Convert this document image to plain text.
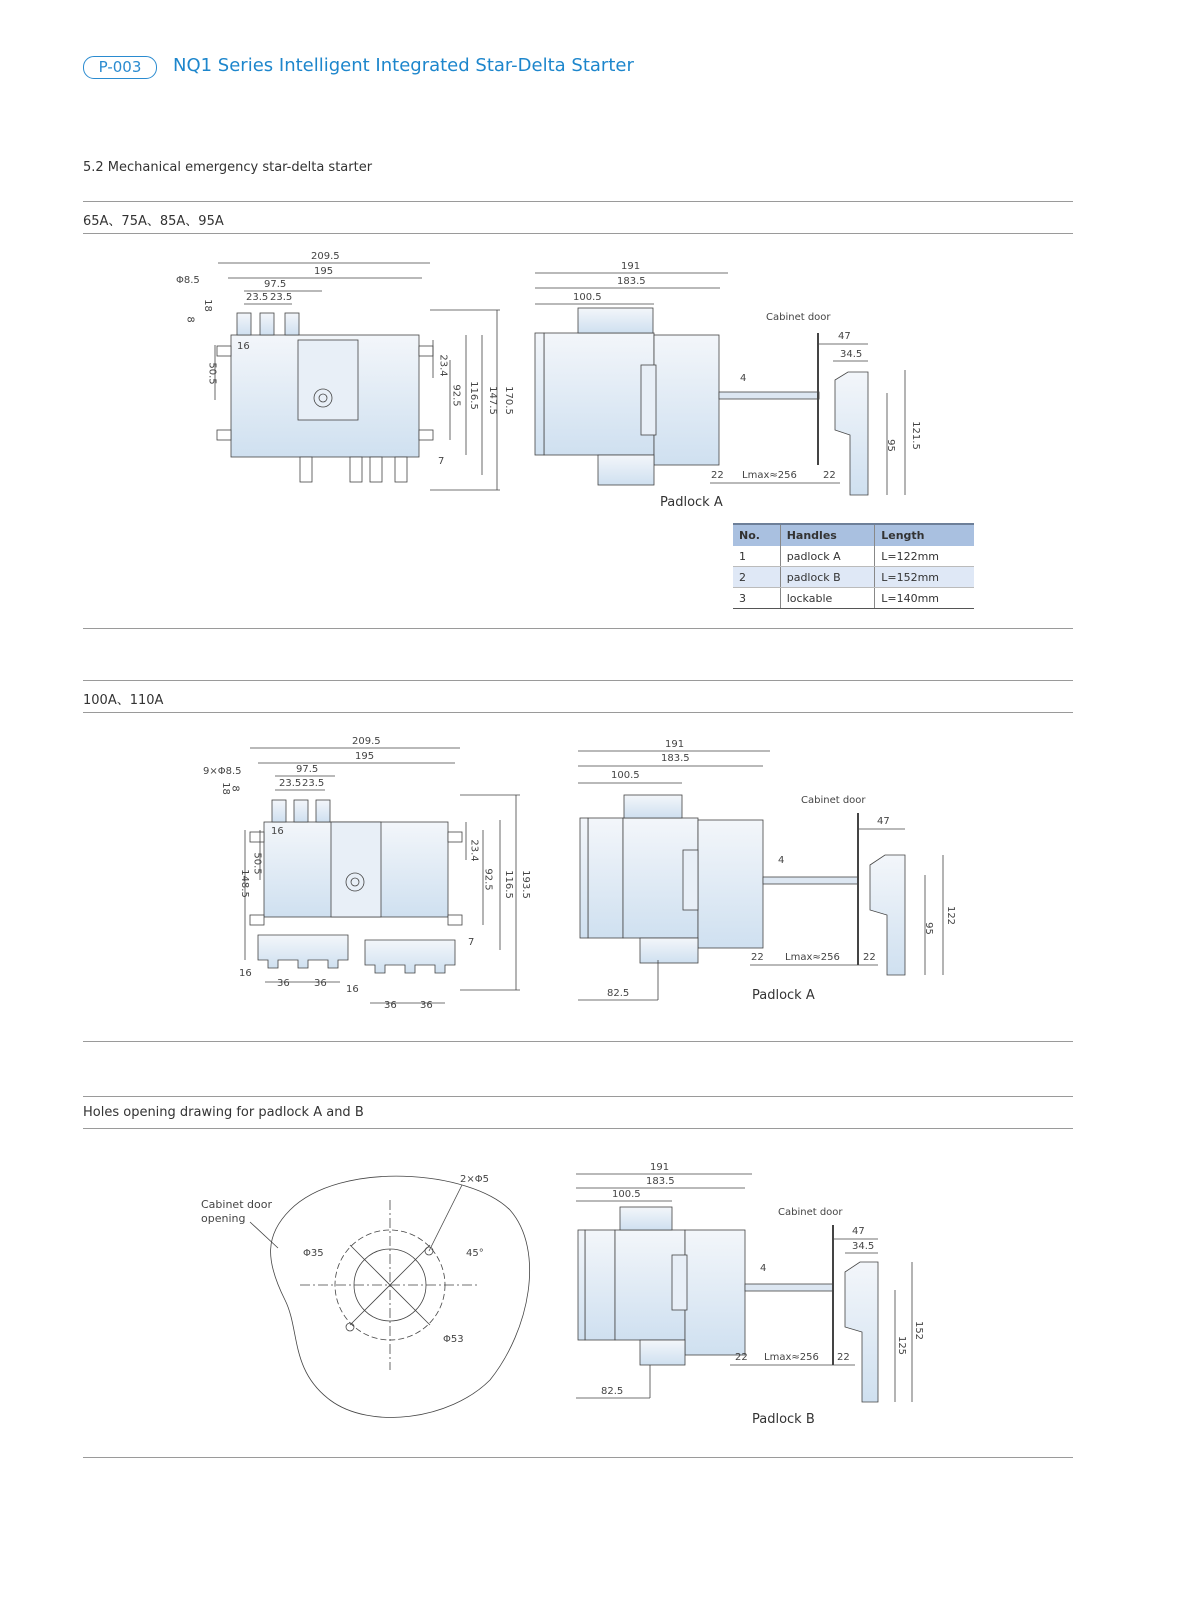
P-003	NQ1 Series Intelligent Integrated Star-Delta Starter
5.2 Mechanical emergency star-delta starter
65A、75A、85A、95A
100A、110A
Holes opening drawing for padlock A and B
209.5
195
Φ8.5	97.5
23.5 23.5
8
18
16
50.5	23.4
92.5 116.5 147.5 170.5
7
191
183.5
100.5
Cabinet door
47
34.5
4
22 Lmax≈256	22
95 121.5
209.5
195
9×Φ8.5	97.5
23.5 23.5
18
8
16
50.5
148.5
23.4
92.5 116.5 193.5
7
16
36 36
16
36 36
191
183.5
100.5
Cabinet door
47
4
22 Lmax≈256 22
95
122
82.5
Cabinet door
opening
2×Φ5
Φ35	45°
Φ53
191
183.5
100.5
Cabinet door
47
34.5
4
22 Lmax≈256 22
125
152
82.5
No.	Handles	Length
1	padlock A	L=122mm
2	padlock B	L=152mm
3	lockable	L=140mm
Padlock A
Padlock A
Padlock B
